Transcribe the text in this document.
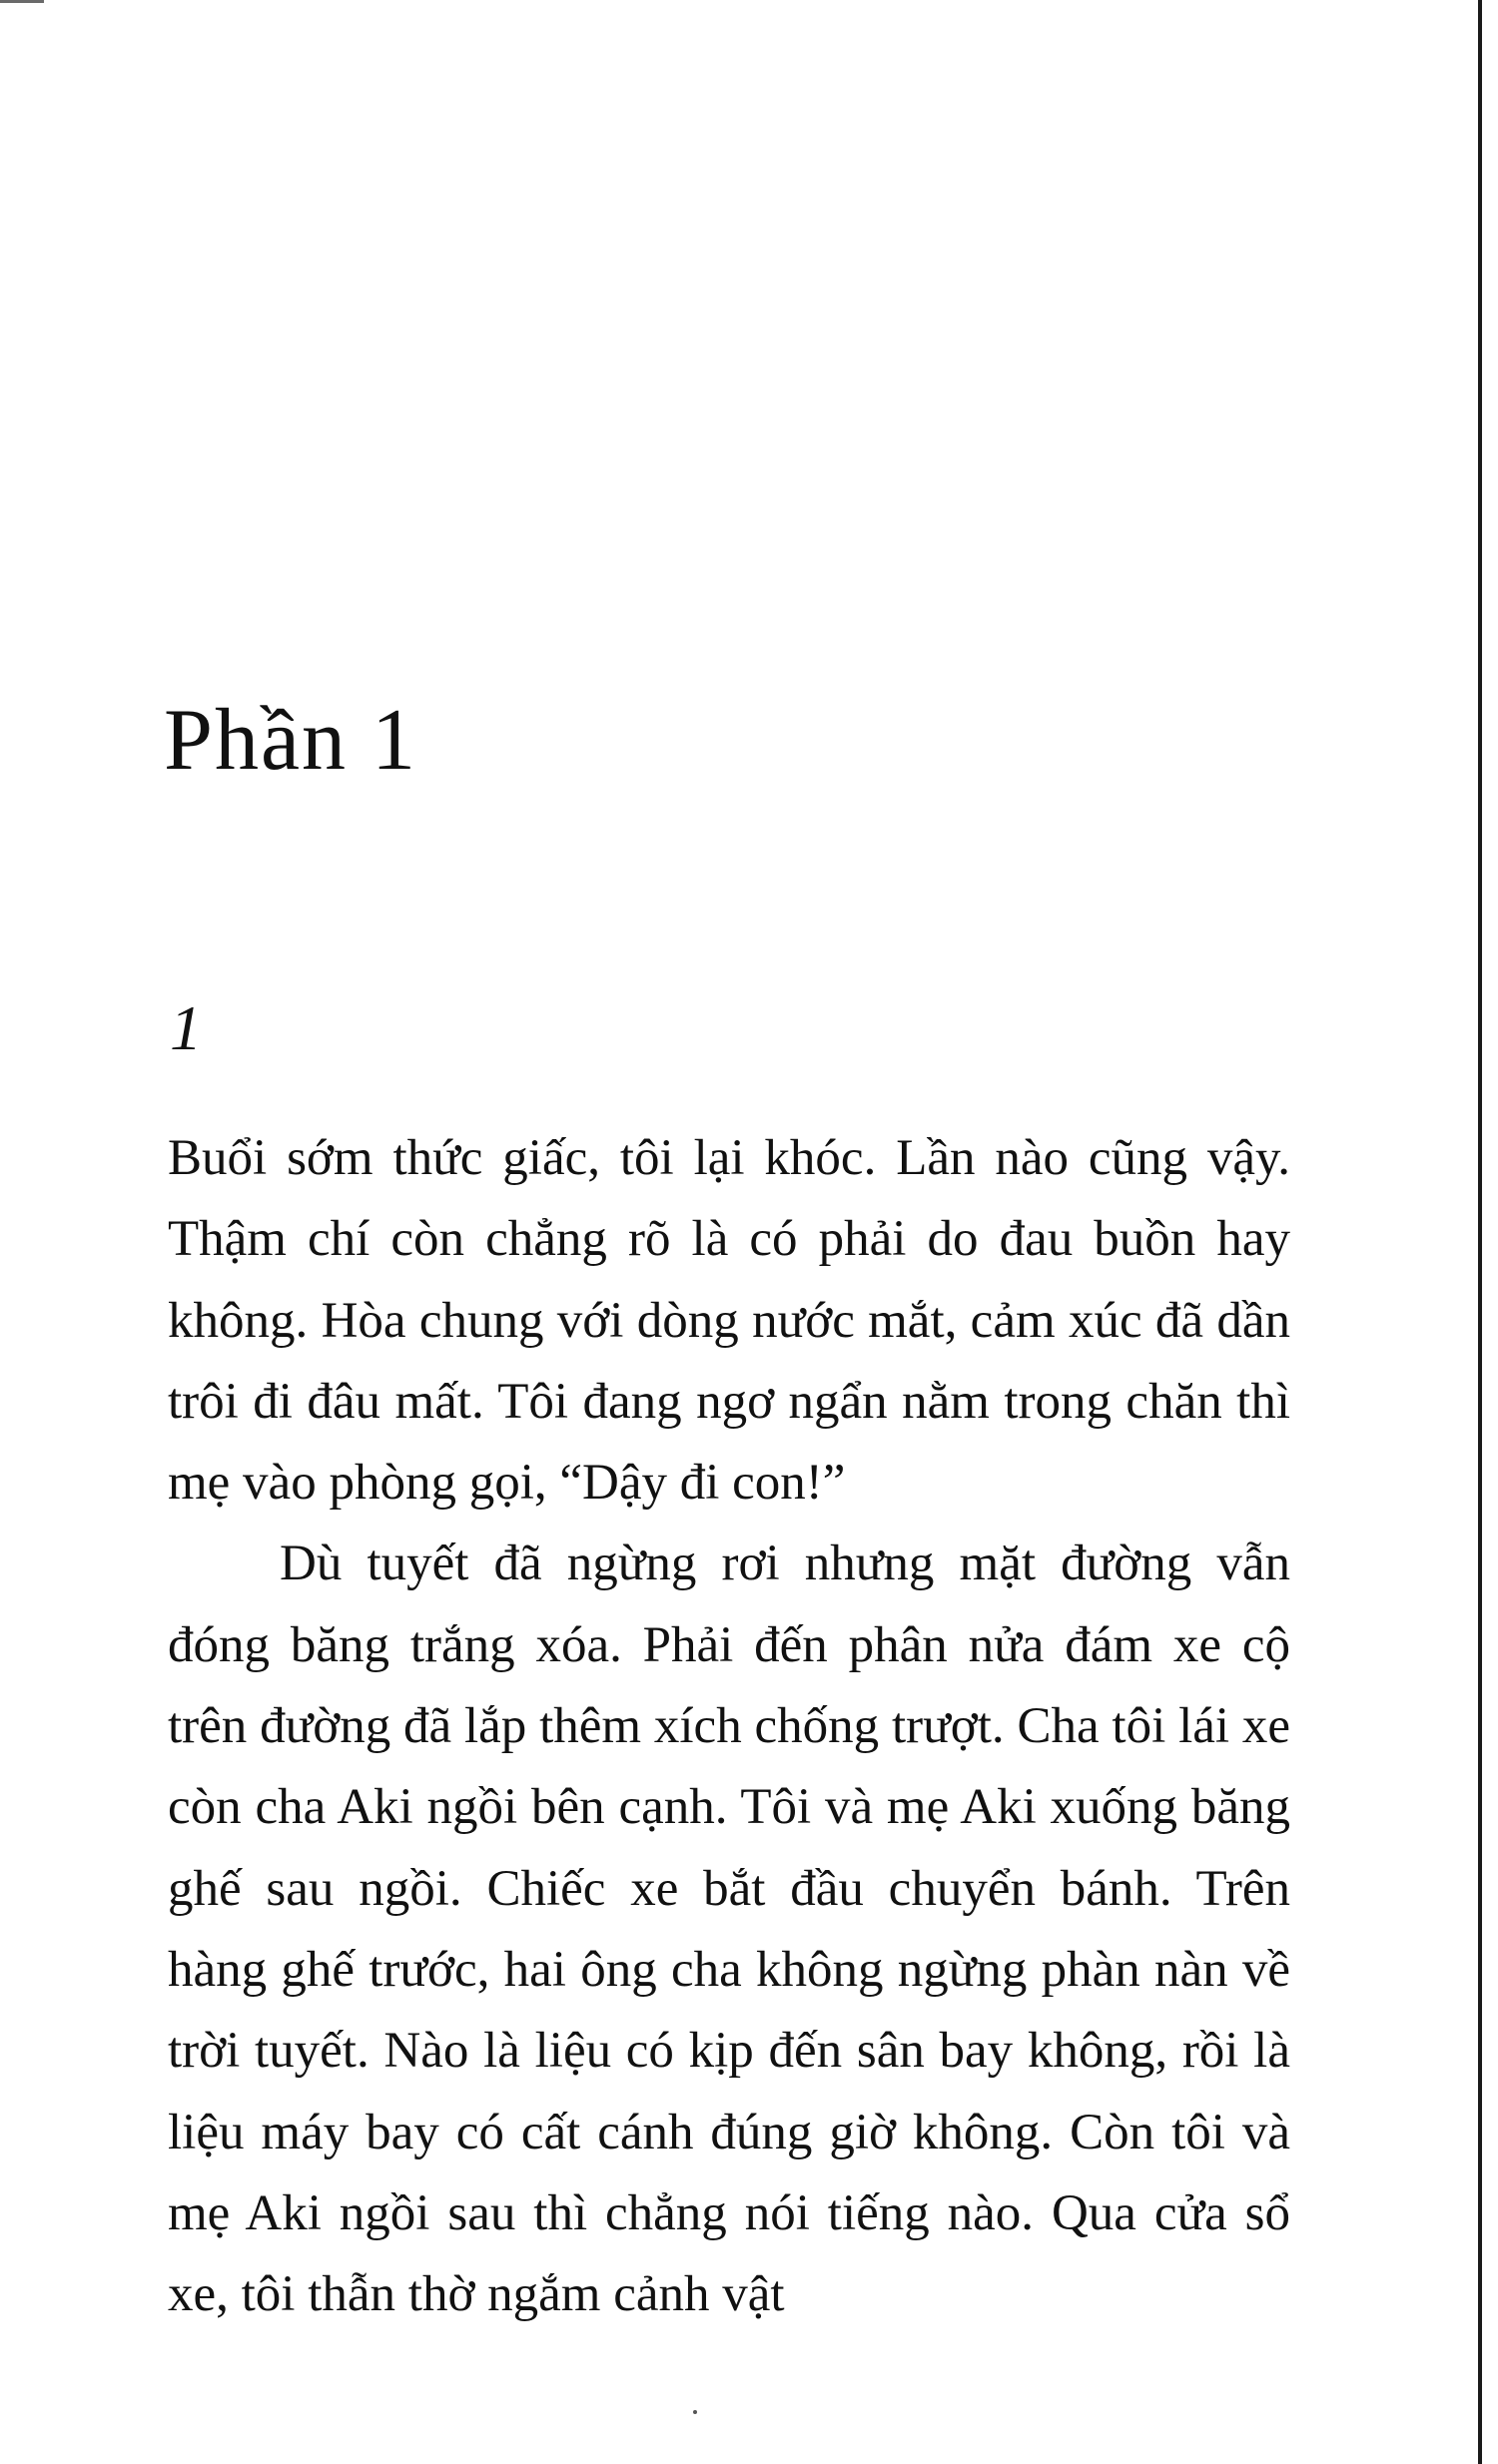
Phần 1
1

Buổi sớm thức giấc, tôi lại khóc. Lần nào cũng vậy. Thậm chí còn chẳng rõ là có phải do đau buồn hay không. Hòa chung với dòng nước mắt, cảm xúc đã dần trôi đi đâu mất. Tôi đang ngơ ngẩn nằm trong chăn thì mẹ vào phòng gọi, “Dậy đi con!”

Dù tuyết đã ngừng rơi nhưng mặt đường vẫn đóng băng trắng xóa. Phải đến phân nửa đám xe cộ trên đường đã lắp thêm xích chống trượt. Cha tôi lái xe còn cha Aki ngồi bên cạnh. Tôi và mẹ Aki xuống băng ghế sau ngồi. Chiếc xe bắt đầu chuyển bánh. Trên hàng ghế trước, hai ông cha không ngừng phàn nàn về trời tuyết. Nào là liệu có kịp đến sân bay không, rồi là liệu máy bay có cất cánh đúng giờ không. Còn tôi và mẹ Aki ngồi sau thì chẳng nói tiếng nào. Qua cửa sổ xe, tôi thẫn thờ ngắm cảnh vật
